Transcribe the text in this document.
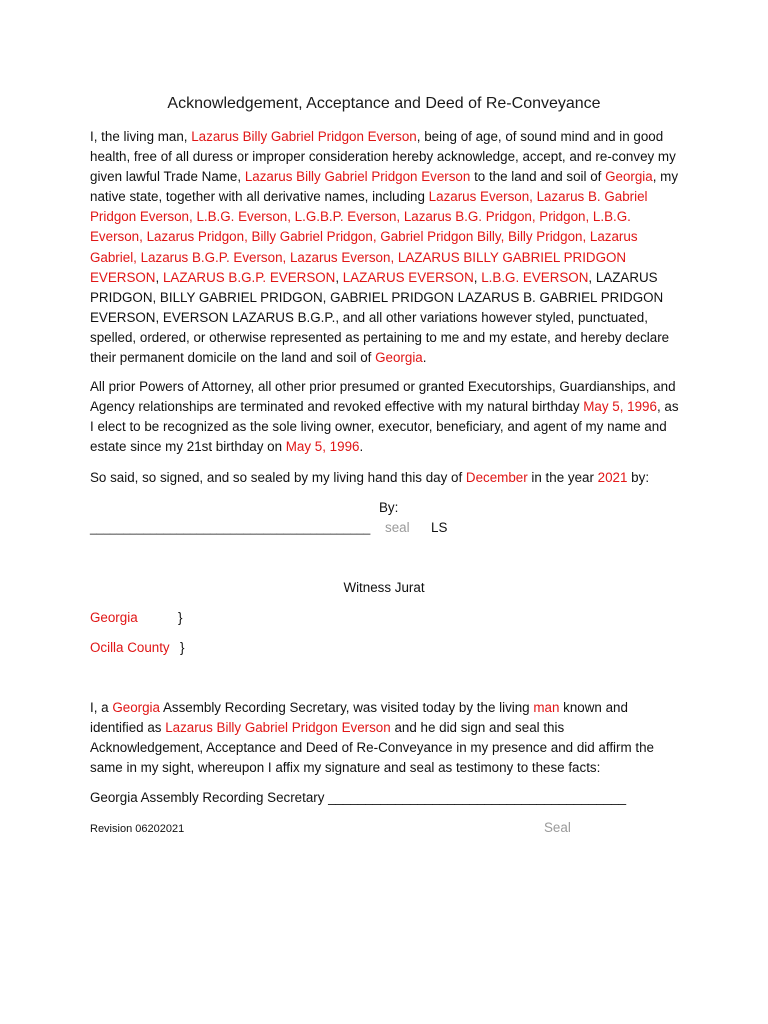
Acknowledgement, Acceptance and Deed of Re-Conveyance

I, the living man, Lazarus Billy Gabriel Pridgon Everson, being of age, of sound mind and in good health, free of all duress or improper consideration hereby acknowledge, accept, and re-convey my given lawful Trade Name, Lazarus Billy Gabriel Pridgon Everson to the land and soil of Georgia, my native state, together with all derivative names, including Lazarus Everson, Lazarus B. Gabriel Pridgon Everson, L.B.G. Everson, L.G.B.P. Everson, Lazarus B.G. Pridgon, Pridgon, L.B.G. Everson, Lazarus Pridgon, Billy Gabriel Pridgon, Gabriel Pridgon Billy, Billy Pridgon, Lazarus Gabriel, Lazarus B.G.P. Everson, Lazarus Everson, LAZARUS BILLY GABRIEL PRIDGON EVERSON, LAZARUS B.G.P. EVERSON, LAZARUS EVERSON, L.B.G. EVERSON, LAZARUS PRIDGON, BILLY GABRIEL PRIDGON, GABRIEL PRIDGON LAZARUS B. GABRIEL PRIDGON EVERSON, EVERSON LAZARUS B.G.P., and all other variations however styled, punctuated, spelled, ordered, or otherwise represented as pertaining to me and my estate, and hereby declare their permanent domicile on the land and soil of Georgia.

All prior Powers of Attorney, all other prior presumed or granted Executorships, Guardianships, and Agency relationships are terminated and revoked effective with my natural birthday May 5, 1996, as I elect to be recognized as the sole living owner, executor, beneficiary, and agent of my name and estate since my 21st birthday on May 5, 1996.

So said, so signed, and so sealed by my living hand this day of December in the year 2021 by:

By:
__________________________________________ seal LS
Witness Jurat
Georgia	}
Ocilla County }

I, a Georgia Assembly Recording Secretary, was visited today by the living man known and identified as Lazarus Billy Gabriel Pridgon Everson and he did sign and seal this Acknowledgement, Acceptance and Deed of Re-Conveyance in my presence and did affirm the same in my sight, whereupon I affix my signature and seal as testimony to these facts:

Georgia Assembly Recording Secretary ________________________________________
Revision 06202021	Seal
